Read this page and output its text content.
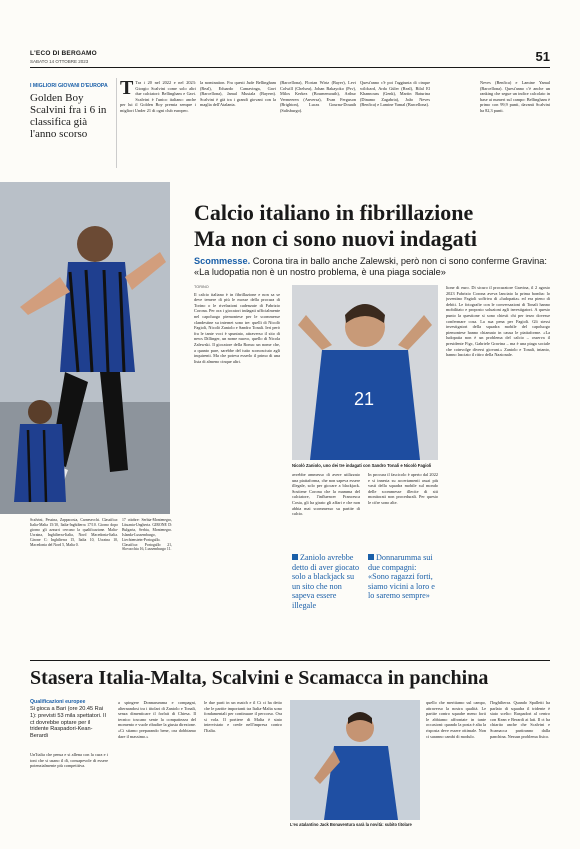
L'ECO DI BERGAMO
SABATO 14 OTTOBRE 2023	51
I MIGLIORI GIOVANI D'EUROPA
Golden Boy Scalvini fra i 6 in classifica già l'anno scorso
T Tra i 20 nel 2022 e nel 2023: Giorgio Scalvini come solo altri due calciatori: Bellingham e Gavi. Scalvini è l'unico italiano: anche per lui il Golden Boy premia sempre i migliori Under 21 di ogni club europeo.
la nomination. Fra questi Jude Bellingham (Real), Eduardo Camavinga, Gavi (Barcellona), Jamal Musiala (Bayern). Scalvini è già tra i grandi giovani con la maglia dell'Atalanta.
(Barcellona), Florian Wirtz (Bayer), Levi Colwill (Chelsea), Johan Bakayoko (Psv), Milos Kerkez (Bournemouth), Arthur Vermeeren (Anversa), Evan Ferguson (Brighton), Lucas Gourna-Douath (Salisburgo).
Quest'anno c'è poi l'aggiunta di cinque wildcard, Arda Güler (Real), Bilal El Khannouss (Genk), Martin Baturina (Dinamo Zagabria), João Neves (Benfica) e Lamine Yamal (Barcellona).
Neves (Benfica) e Lamine Yamal (Barcellona). Quest'anno c'è anche un ranking che segue un indice calcolato in base ai numeri sul campo: Bellingham è primo con 99,9 punti, davanti Scalvini ha 82,3 punti.
Scalvini, Pessina, Zappacosta, Carnesecchi. Classifica: Italia-Malta 15/10, Italia-Inghilterra 17/10. Giorno dopo giorno gli azzurri cercano la qualificazione. Malta-Ucraina, Inghilterra-Italia, Nord Macedonia-Italia. Girone C: Inghilterra 15, Italia 10, Ucraina 10, Macedonia del Nord 5, Malta 0.
17 ottobre: Serbia-Montenegro, Lituania-Ungheria. GIRONE D: Bulgaria, Serbia, Montenegro. Islanda-Lussemburgo, Liechtenstein-Portogallo. Classifica: Portogallo 21, Slovacchia 16, Lussemburgo 11.
Calcio italiano in fibrillazione
Ma non ci sono nuovi indagati
Scommesse. Corona tira in ballo anche Zalewski, però non ci sono conferme Gravina: «La ludopatia non è un nostro problema, è una piaga sociale»
TORINO
Il calcio italiano è in fibrillazione e non sa se deve temere di più le mosse della procura di Torino o le rivelazioni cadenzate di Fabrizio Corona. Per ora i giocatori indagati ufficialmente nel capoluogo piemontese per le scommesse clandestine su internet sono tre: quelli di Nicolò Fagioli, Nicolò Zaniolo e Sandro Tonali. Ieri però fra le tante voci è spuntato, attraverso il sito di news Dillinger, un nome nuovo, quello di Nicola Zalewski. Il giocatore della Roma: un nome che, a quanto pare, sarebbe del tutto sconosciuto agli inquirenti. Ma che poteva esserlo il primo di una lista di almeno cinque altri.
21
Nicolò Zaniolo, uno dei tre indagati con Sandro Tonali e Nicolò Fagioli
avrebbe ammesso di avere utilizzato una piattaforma, che non sapeva essere illegale, solo per giocare a blackjack. Sostiene Corona che la mamma del calciatore, l'influencer Francesca Costa, gli ha girato gli affari e che non abbia mai scommesso su partite di calcio.
In procura il fascicolo è aperto dal 2022 e si innesta su accertamenti assai più vasti della squadra mobile sul mondo delle scommesse illecite di siti monitorati non procedurali. Per questo le cifre sono alte.
Zaniolo avrebbe detto di aver giocato solo a blackjack su un sito che non sapeva essere illegale
Donnarumma sui due compagni: «Sono ragazzi forti, siamo vicini a loro e lo saremo sempre»
lione di euro. Di sicuro il procuratore Gravina, il 2 agosto 2023 Fabrizio Corona aveva lanciato la prima bomba: lo juventino Fagioli soffriva di «ludopatia» ed era pieno di debiti. Le fotografie con le conversazioni di Tonali hanno mobilitato e proposto soluzioni agli investigatori. A questo punto la questione si sono chiesti chi per terzo dovesse confermare cosa. La sua pena per Fagioli. Gli stessi investigatori della squadra mobile del capoluogo piemontese hanno chiamato in causa le piattaforme. «La ludopatia non è un problema del calcio – osserva il presidente Figc, Gabriele Gravina – ma è una piaga sociale che coinvolge diversi giovani.» Zaniolo e Tonali, intanto, hanno lasciato il ritiro della Nazionale.
Stasera Italia-Malta, Scalvini e Scamacca in panchina
Qualificazioni europee
Si gioca a Bari (ore 20.45 Rai 1): previsti 53 mila spettatori. Il ct dovrebbe optare per il tridente Raspadori-Kean-Berardi
Un'Italia che pensa e si allena con la cura e i toni che si usano il dì, consapevole di essere potenzialmente più competitiva.
a spingere Donnarumma e compagni, alternandosi tra i titolari di Zaniolo e Tonali, senza dimenticare il forfait di Chiesa. Il tecnico toscano sente la compattezza del momento e vuole ribadire la giusta direzione. «Ci stiamo preparando bene, ora dobbiamo dare il massimo.»
le due parti in un match e il Ct ci ha detto che le partite importanti tra Italia-Malta sono fondamentali per continuare il percorso. Ora si vola. Il portiere di Malta è stato intervistato e crede nell'impresa contro l'Italia.
L'ex atalantino Jack Bonaventura sarà la novità: subito titolare
quello che meritiamo sul campo, attraverso la nostra qualità. Le partite contro squadre meno forti le abbiamo affrontate in tante occasioni: quando la posta è alta la risposta deve essere ottimale. Non ci saranno cambi di modulo.
l'Inghilterra. Quando Spalletti ha parlato di squadra il tridente è stato scelto: Raspadori al centro con Kean e Berardi ai lati. Il ct ha chiarito anche che Scalvini e Scamacca partiranno dalla panchina. Nessun problema fisico.
